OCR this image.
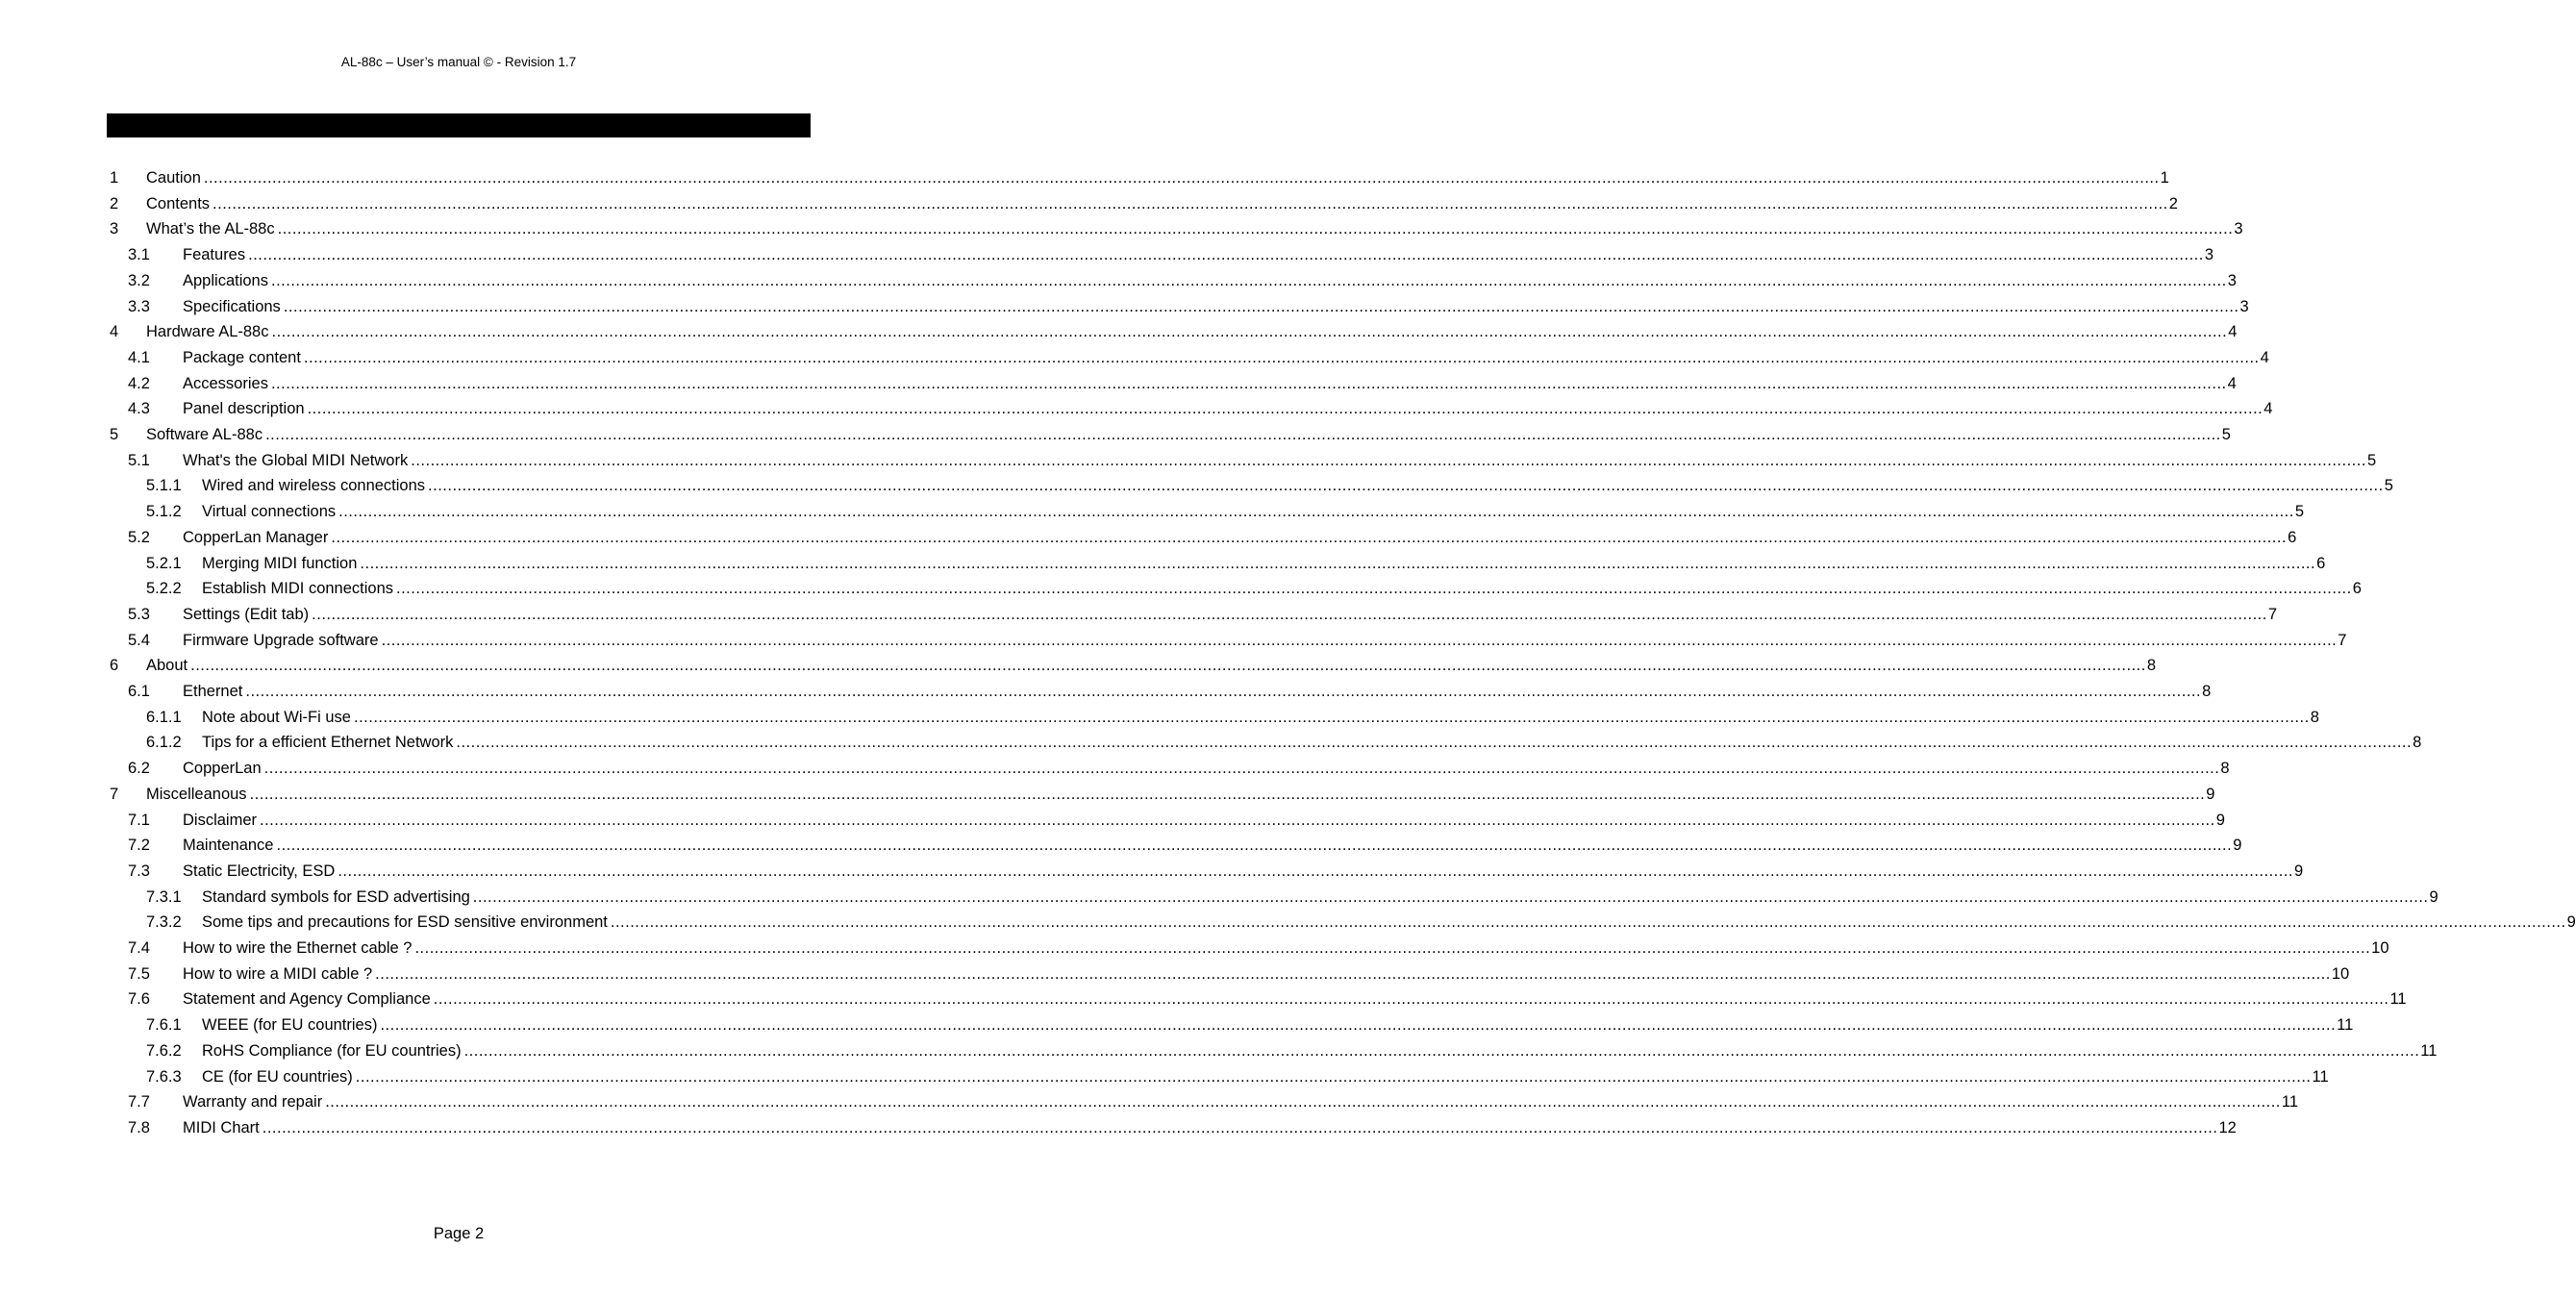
AL-88c – User’s manual © - Revision 1.7
1 Caution ................................................................................................................................................................................................................................................................................................................................................................................................................ 1
2 Contents ................................................................................................................................................................................................................................................................................................................................................................................................................ 2
3 What’s the AL-88c ................................................................................................................................................................................................................................................................................................................................................................................................................ 3
3.1 Features ................................................................................................................................................................................................................................................................................................................................................................................................................ 3
3.2 Applications ................................................................................................................................................................................................................................................................................................................................................................................................................ 3
3.3 Specifications ................................................................................................................................................................................................................................................................................................................................................................................................................ 3
4 Hardware AL-88c ................................................................................................................................................................................................................................................................................................................................................................................................................ 4
4.1 Package content ................................................................................................................................................................................................................................................................................................................................................................................................................ 4
4.2 Accessories ................................................................................................................................................................................................................................................................................................................................................................................................................ 4
4.3 Panel description ................................................................................................................................................................................................................................................................................................................................................................................................................ 4
5 Software AL-88c ................................................................................................................................................................................................................................................................................................................................................................................................................ 5
5.1 What's the Global MIDI Network ................................................................................................................................................................................................................................................................................................................................................................................................................ 5
5.1.1 Wired and wireless connections ................................................................................................................................................................................................................................................................................................................................................................................................................ 5
5.1.2 Virtual connections ................................................................................................................................................................................................................................................................................................................................................................................................................ 5
5.2 CopperLan Manager ................................................................................................................................................................................................................................................................................................................................................................................................................ 6
5.2.1 Merging MIDI function ................................................................................................................................................................................................................................................................................................................................................................................................................ 6
5.2.2 Establish MIDI connections ................................................................................................................................................................................................................................................................................................................................................................................................................ 6
5.3 Settings (Edit tab) ................................................................................................................................................................................................................................................................................................................................................................................................................ 7
5.4 Firmware Upgrade software ................................................................................................................................................................................................................................................................................................................................................................................................................ 7
6 About ................................................................................................................................................................................................................................................................................................................................................................................................................ 8
6.1 Ethernet ................................................................................................................................................................................................................................................................................................................................................................................................................ 8
6.1.1 Note about Wi-Fi use ................................................................................................................................................................................................................................................................................................................................................................................................................ 8
6.1.2 Tips for a efficient Ethernet Network ................................................................................................................................................................................................................................................................................................................................................................................................................ 8
6.2 CopperLan ................................................................................................................................................................................................................................................................................................................................................................................................................ 8
7 Miscelleanous ................................................................................................................................................................................................................................................................................................................................................................................................................ 9
7.1 Disclaimer ................................................................................................................................................................................................................................................................................................................................................................................................................ 9
7.2 Maintenance ................................................................................................................................................................................................................................................................................................................................................................................................................ 9
7.3 Static Electricity, ESD ................................................................................................................................................................................................................................................................................................................................................................................................................ 9
7.3.1 Standard symbols for ESD advertising ................................................................................................................................................................................................................................................................................................................................................................................................................ 9
7.3.2 Some tips and precautions for ESD sensitive environment ................................................................................................................................................................................................................................................................................................................................................................................................................ 9
7.4 How to wire the Ethernet cable ? ................................................................................................................................................................................................................................................................................................................................................................................................................ 10
7.5 How to wire a MIDI cable ? ................................................................................................................................................................................................................................................................................................................................................................................................................ 10
7.6 Statement and Agency Compliance ................................................................................................................................................................................................................................................................................................................................................................................................................ 11
7.6.1 WEEE (for EU countries) ................................................................................................................................................................................................................................................................................................................................................................................................................ 11
7.6.2 RoHS Compliance (for EU countries) ................................................................................................................................................................................................................................................................................................................................................................................................................ 11
7.6.3 CE (for EU countries) ................................................................................................................................................................................................................................................................................................................................................................................................................ 11
7.7 Warranty and repair ................................................................................................................................................................................................................................................................................................................................................................................................................ 11
7.8 MIDI Chart ................................................................................................................................................................................................................................................................................................................................................................................................................ 12
Page 2
